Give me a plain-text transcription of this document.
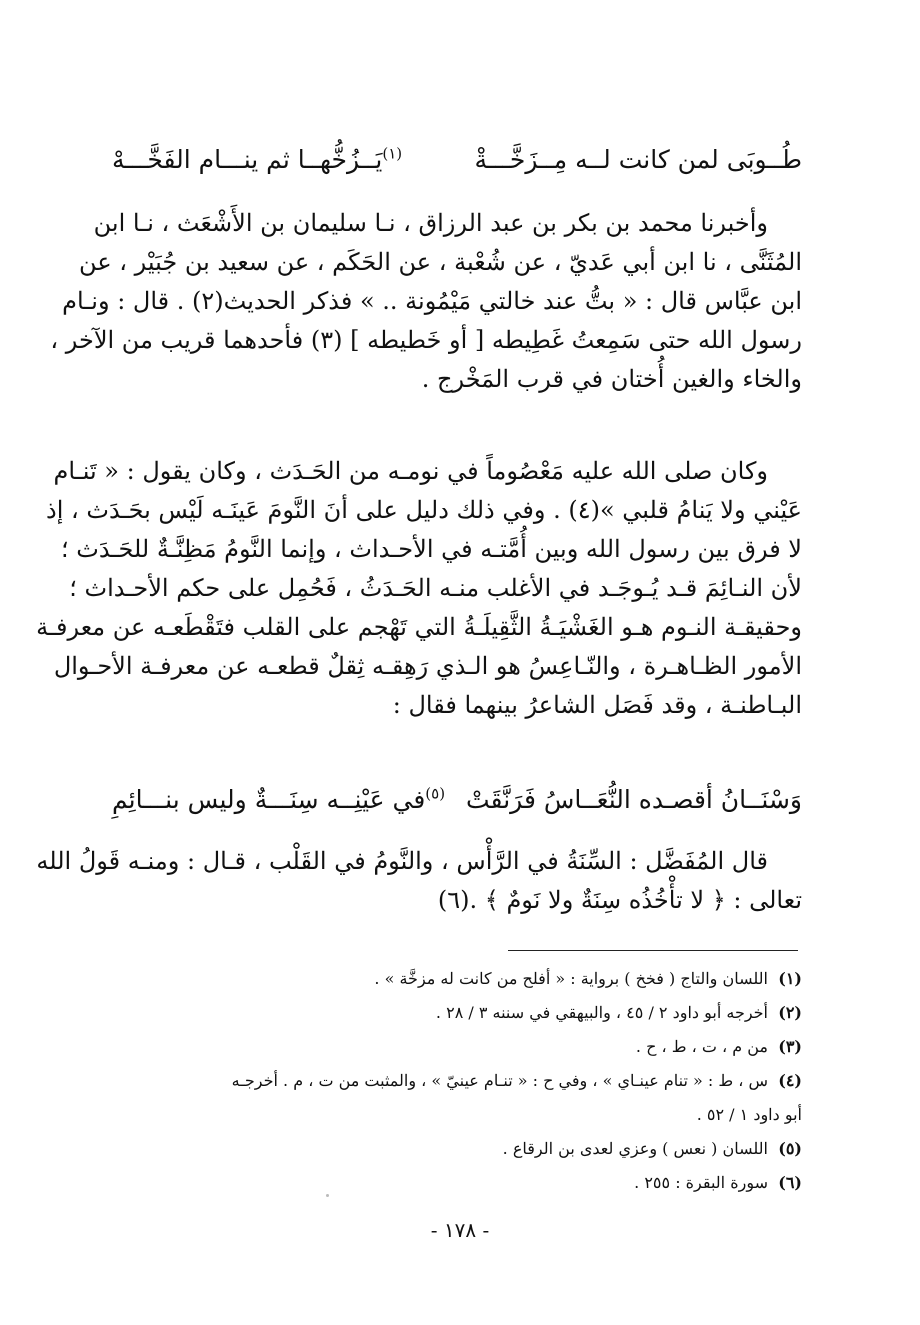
طُــوبَى لمن كانت لــه مِــزَخَّـــةْ
$^{(١)}$يَــزُخُّهــا ثم ينـــام الفَخَّـــهْ
وأخبرنا محمد بن بكر بن عبد الرزاق ، نـا سليمان بن الأَشْعَث ، نـا ابن
المُثَنَّى ، نا ابن أبي عَديّ ، عن شُعْبة ، عن الحَكَم ، عن سعيد بن جُبَيْر ، عن
ابن عبَّاس قال : « بتُّ عند خالتي مَيْمُونة .. » فذكر الحديث(٢) . قال : ونـام
رسول الله حتى سَمِعتُ غَطِيطه [ أو خَطيطه ] (٣) فأحدهما قريب من الآخر ،
والخاء والغين أُختان في قرب المَخْرج .
وكان صلى الله عليه مَعْصُوماً في نومـه من الحَـدَث ، وكان يقول : « تَنـام
عَيْني ولا يَنامُ قلبي »(٤) . وفي ذلك دليل على أنَ النَّومَ عَينَـه لَيْس بحَـدَث ، إذ
لا فرق بين رسول الله وبين أُمَّتـه في الأحـداث ، وإنما النَّومُ مَظِنَّـةٌ للحَـدَث ؛
لأن النـائِمَ قـد يُـوجَـد في الأغلب منـه الحَـدَثُ ، فَحُمِل على حكم الأحـداث ؛
وحقيقـة النـوم هـو الغَشْيَـةُ الثَّقِيلَـةُ التي تَهْجم على القلب فتَقْطَعـه عن معرفـة
الأمور الظـاهـرة ، والنّـاعِسُ هو الـذي رَهِقـه ثِقلٌ قطعـه عن معرفـة الأحـوال
البـاطنـة ، وقد فَصَل الشاعرُ بينهما فقال :
وَسْنَــانُ أقصـده النُّعَــاسُ فَرَنَّقَتْ
$^{(٥)}$في عَيْنِــه سِنَـــةٌ وليس بنـــائِمِ
قال المُفَضَّل : السِّنَةُ في الرَّأْس ، والنَّومُ في القَلْب ، قـال : ومنـه قَولُ الله
تعالى : ﴿ لا تأْخُذُه سِنَةٌ ولا نَومٌ ﴾ .(٦)
(١)اللسان والتاج ( فخخ ) برواية : « أفلح من كانت له مزخَّة » .
(٢)أخرجه أبو داود ٢ / ٤٥ ، والبيهقي في سننه ٣ / ٢٨ .
(٣)من م ، ت ، ط ، ح .
(٤)س ، ط : « تنام عينـاي » ، وفي ح : « تنـام عينيّ » ، والمثبت من ت ، م . أخرجـه
أبو داود ١ / ٥٢ .
(٥)اللسان ( نعس ) وعزي لعدى بن الرقاع .
(٦)سورة البقرة : ٢٥٥ .
- ١٧٨ -
